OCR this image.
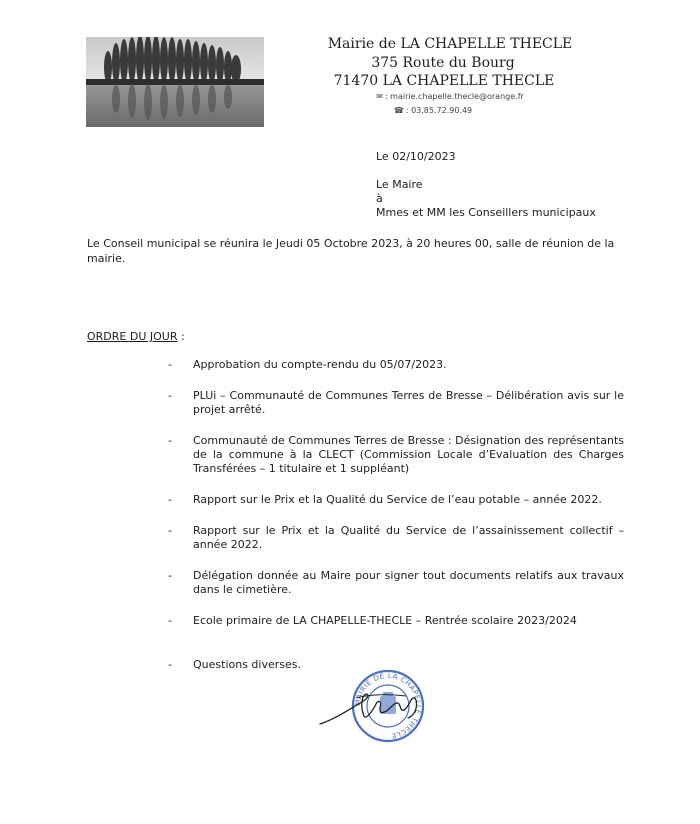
Mairie de LA CHAPELLE THECLE
375 Route du Bourg
71470 LA CHAPELLE THECLE
✉ : mairie.chapelle.thecle@orange.fr
☎ : 03.85.72.90.49
Le 02/10/2023
Le Maire
à
Mmes et MM les Conseillers municipaux
Le Conseil municipal se réunira le Jeudi 05 Octobre 2023, à 20 heures 00, salle de réunion de la mairie.
ORDRE DU JOUR :
- Approbation du compte-rendu du 05/07/2023.
- PLUi – Communauté de Communes Terres de Bresse – Délibération avis sur le projet arrêté.
- Communauté de Communes Terres de Bresse : Désignation des représentants de la commune à la CLECT (Commission Locale d’Evaluation des Charges Transférées – 1 titulaire et 1 suppléant)
- Rapport sur le Prix et la Qualité du Service de l’eau potable – année 2022.
- Rapport sur le Prix et la Qualité du Service de l’assainissement collectif – année 2022.
- Délégation donnée au Maire pour signer tout documents relatifs aux travaux dans le cimetière.
- Ecole primaire de LA CHAPELLE-THECLE – Rentrée scolaire 2023/2024
- Questions diverses.
MAIRIE DE LA CHAPELLE THECLE
